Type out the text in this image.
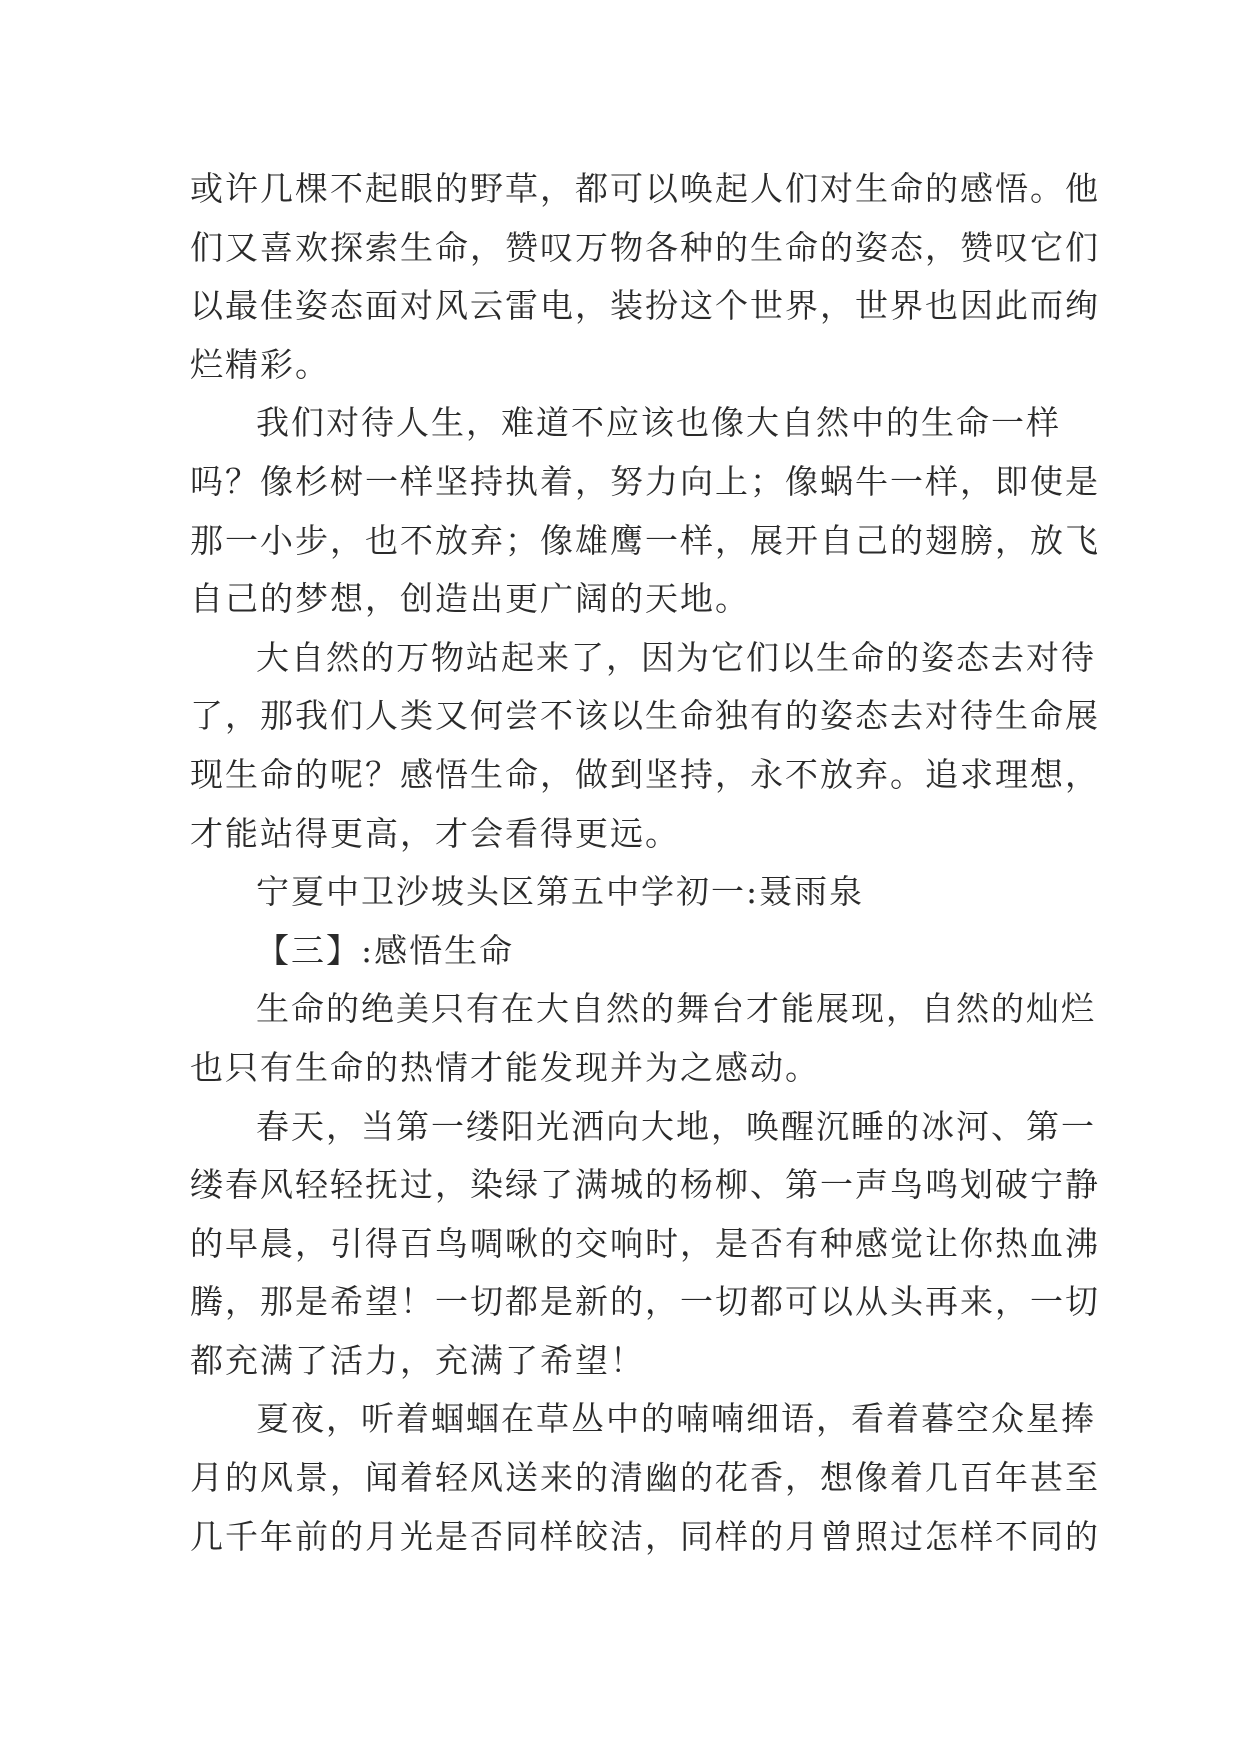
或许几棵不起眼的野草，都可以唤起人们对生命的感悟。他
们又喜欢探索生命，赞叹万物各种的生命的姿态，赞叹它们
以最佳姿态面对风云雷电，装扮这个世界，世界也因此而绚
烂精彩。

我们对待人生，难道不应该也像大自然中的生命一样
吗？像杉树一样坚持执着，努力向上；像蜗牛一样，即使是
那一小步，也不放弃；像雄鹰一样，展开自己的翅膀，放飞
自己的梦想，创造出更广阔的天地。

大自然的万物站起来了，因为它们以生命的姿态去对待
了，那我们人类又何尝不该以生命独有的姿态去对待生命展
现生命的呢？感悟生命，做到坚持，永不放弃。追求理想，
才能站得更高，才会看得更远。

宁夏中卫沙坡头区第五中学初一:聂雨泉

【三】:感悟生命

生命的绝美只有在大自然的舞台才能展现，自然的灿烂
也只有生命的热情才能发现并为之感动。

春天，当第一缕阳光洒向大地，唤醒沉睡的冰河、第一
缕春风轻轻抚过，染绿了满城的杨柳、第一声鸟鸣划破宁静
的早晨，引得百鸟啁啾的交响时，是否有种感觉让你热血沸
腾，那是希望！一切都是新的，一切都可以从头再来，一切
都充满了活力，充满了希望！

夏夜，听着蝈蝈在草丛中的喃喃细语，看着暮空众星捧
月的风景，闻着轻风送来的清幽的花香，想像着几百年甚至
几千年前的月光是否同样皎洁，同样的月曾照过怎样不同的
